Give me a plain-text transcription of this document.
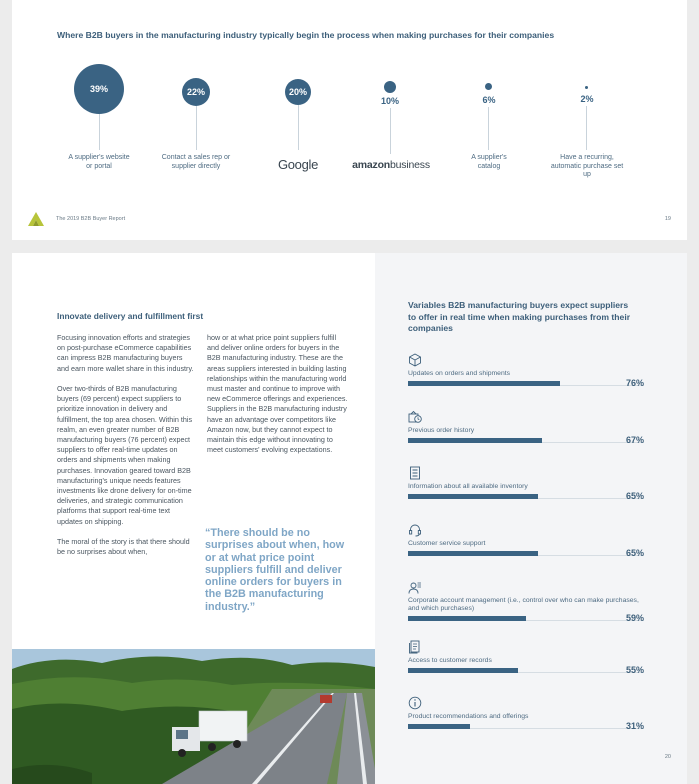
Where B2B buyers in the manufacturing industry typically begin the process when making purchases for their companies
39%
A supplier's website or portal
22%
Contact a sales rep or supplier directly
20%
Google
10%
amazonbusiness
6%
A supplier's catalog
2%
Have a recurring, automatic purchase set up
The 2019 B2B Buyer Report	19
Innovate delivery and fulfillment first

Focusing innovation efforts and strategies on post-purchase eCommerce capabilities can impress B2B manufacturing buyers and earn more wallet share in this industry.

Over two-thirds of B2B manufacturing buyers (69 percent) expect suppliers to prioritize innovation in delivery and fulfillment, the top area chosen. Within this realm, an even greater number of B2B manufacturing buyers (76 percent) expect suppliers to offer real-time updates on orders and shipments when making purchases. Innovation geared toward B2B manufacturing's unique needs features investments like drone delivery for on-time deliveries, and strategic communication platforms that support real-time text updates on shipping.

The moral of the story is that there should be no surprises about when,

how or at what price point suppliers fulfill and deliver online orders for buyers in the B2B manufacturing industry. These are the areas suppliers interested in building lasting relationships within the manufacturing world must master and continue to improve with new eCommerce offerings and experiences. Suppliers in the B2B manufacturing industry have an advantage over competitors like Amazon now, but they cannot expect to maintain this edge without innovating to meet customers' evolving expectations.

“There should be no surprises about when, how or at what price point suppliers fulfill and deliver online orders for buyers in the B2B manufacturing industry.”
Variables B2B manufacturing buyers expect suppliers to offer in real time when making purchases from their companies
Updates on orders and shipments
76%
Previous order history
67%
Information about all available inventory
65%
Customer service support
65%
Corporate account management (i.e., control over who can make purchases, and which purchases)
59%
Access to customer records
55%
Product recommendations and offerings
31%
20
